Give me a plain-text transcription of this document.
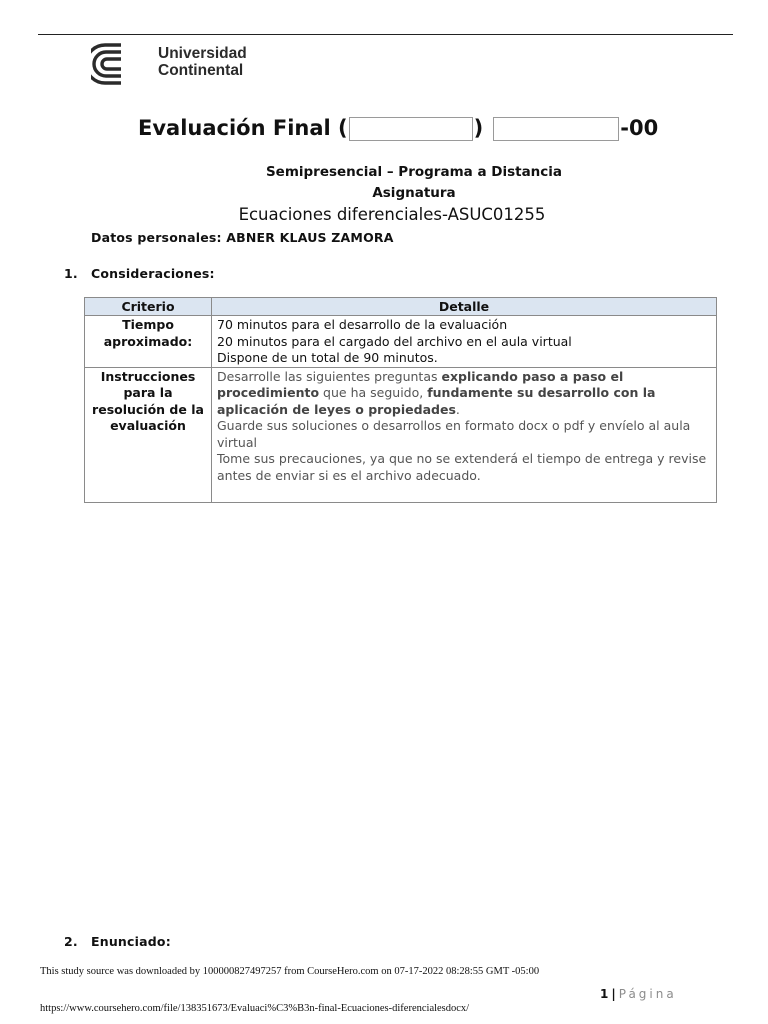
Universidad
Continental
Evaluación Final (	)	-00
Semipresencial – Programa a Distancia
Asignatura
Ecuaciones diferenciales-ASUC01255
Datos personales: ABNER KLAUS ZAMORA
1. Consideraciones:
Criterio	Detalle
Tiempo aproximado:	70 minutos para el desarrollo de la evaluación
20 minutos para el cargado del archivo en el aula virtual
Dispone de un total de 90 minutos.

Instrucciones para la resolución de la evaluación	Desarrolle las siguientes preguntas explicando paso a paso el procedimiento que ha seguido, fundamente su desarrollo con la aplicación de leyes o propiedades.
Guarde sus soluciones o desarrollos en formato docx o pdf y envíelo al aula virtual
Tome sus precauciones, ya que no se extenderá el tiempo de entrega y revise antes de enviar si es el archivo adecuado.
2. Enunciado:
This study source was downloaded by 100000827497257 from CourseHero.com on 07-17-2022 08:28:55 GMT -05:00
1 | Página
https://www.coursehero.com/file/138351673/Evaluaci%C3%B3n-final-Ecuaciones-diferencialesdocx/
